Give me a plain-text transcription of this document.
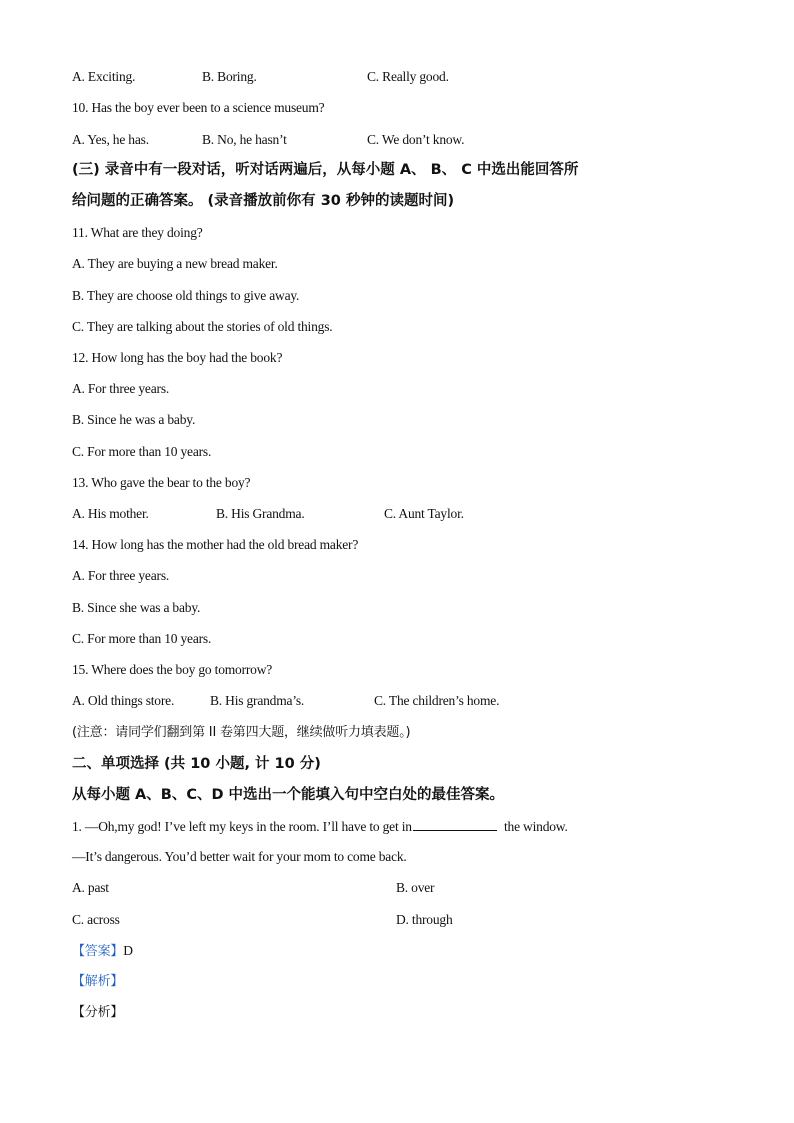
A. Exciting.	B. Boring.	C. Really good.
10. Has the boy ever been to a science museum?
A. Yes, he has.	B. No, he hasn’t	C. We don’t know.
(三) 录音中有一段对话，听对话两遍后，从每小题 A、 B、 C 中选出能回答所
给问题的正确答案。 (录音播放前你有 30 秒钟的读题时间)
11. What are they doing?
A. They are buying a new bread maker.
B. They are choose old things to give away.
C. They are talking about the stories of old things.
12. How long has the boy had the book?
A. For three years.
B. Since he was a baby.
C. For more than 10 years.
13. Who gave the bear to the boy?
A. His mother.	B. His Grandma.	C. Aunt Taylor.
14. How long has the mother had the old bread maker?
A. For three years.
B. Since she was a baby.
C. For more than 10 years.
15. Where does the boy go tomorrow?
A. Old things store.	B. His grandma’s.	C. The children’s home.
(注意：请同学们翻到第 II 卷第四大题，继续做听力填表题。)
二、单项选择 (共 10 小题, 计 10 分)
从每小题 A、B、C、D 中选出一个能填入句中空白处的最佳答案。
1. —Oh,my god! I’ve left my keys in the room. I’ll have to get in	the window.
—It’s dangerous. You’d better wait for your mom to come back.
A. past	B. over
C. across	D. through
【答案】D
【解析】
【分析】
